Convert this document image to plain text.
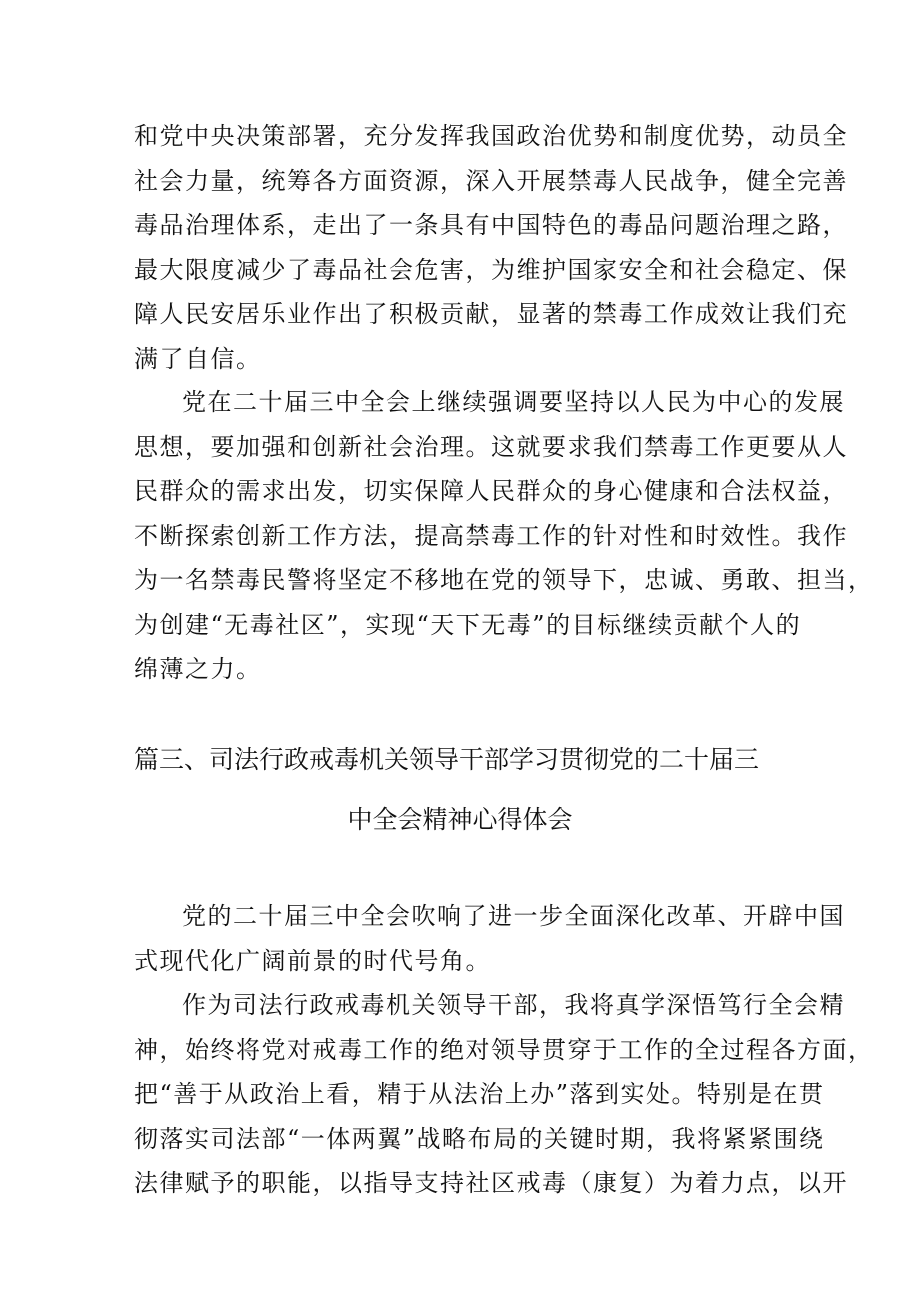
和党中央决策部署，充分发挥我国政治优势和制度优势，动员全
社会力量，统筹各方面资源，深入开展禁毒人民战争，健全完善
毒品治理体系，走出了一条具有中国特色的毒品问题治理之路，
最大限度减少了毒品社会危害，为维护国家安全和社会稳定、保
障人民安居乐业作出了积极贡献，显著的禁毒工作成效让我们充
满了自信。
党在二十届三中全会上继续强调要坚持以人民为中心的发展
思想，要加强和创新社会治理。这就要求我们禁毒工作更要从人
民群众的需求出发，切实保障人民群众的身心健康和合法权益，
不断探索创新工作方法，提高禁毒工作的针对性和时效性。我作
为一名禁毒民警将坚定不移地在党的领导下，忠诚、勇敢、担当，
为创建“无毒社区”，实现“天下无毒”的目标继续贡献个人的
绵薄之力。
篇三、司法行政戒毒机关领导干部学习贯彻党的二十届三
中全会精神心得体会
党的二十届三中全会吹响了进一步全面深化改革、开辟中国
式现代化广阔前景的时代号角。
作为司法行政戒毒机关领导干部，我将真学深悟笃行全会精
神，始终将党对戒毒工作的绝对领导贯穿于工作的全过程各方面，
把“善于从政治上看，精于从法治上办”落到实处。特别是在贯
彻落实司法部“一体两翼”战略布局的关键时期，我将紧紧围绕
法律赋予的职能，以指导支持社区戒毒（康复）为着力点，以开
